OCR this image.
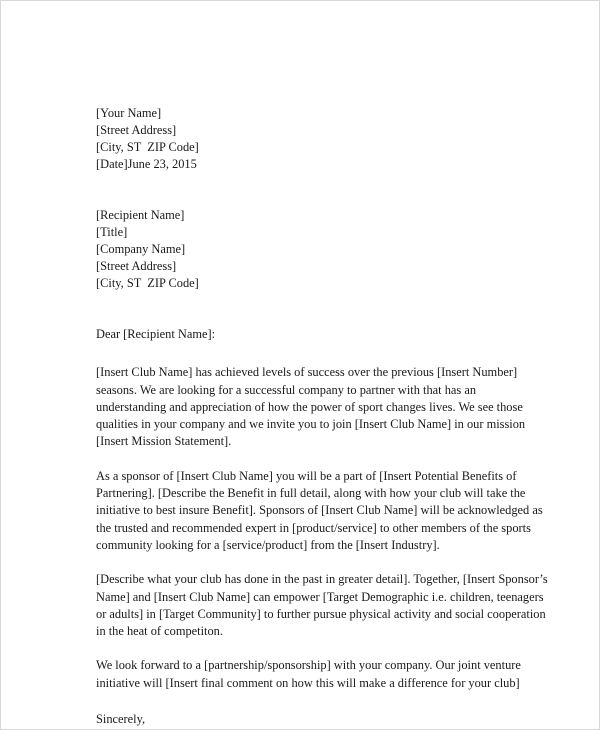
[Your Name]
[Street Address]
[City, ST  ZIP Code]
[Date]June 23, 2015
[Recipient Name]
[Title]
[Company Name]
[Street Address]
[City, ST  ZIP Code]

Dear [Recipient Name]:

[Insert Club Name] has achieved levels of success over the previous [Insert Number] seasons. We are looking for a successful company to partner with that has an understanding and appreciation of how the power of sport changes lives. We see those qualities in your company and we invite you to join [Insert Club Name] in our mission [Insert Mission Statement].

As a sponsor of [Insert Club Name] you will be a part of [Insert Potential Benefits of Partnering]. [Describe the Benefit in full detail, along with how your club will take the initiative to best insure Benefit]. Sponsors of [Insert Club Name] will be acknowledged as the trusted and recommended expert in [product/service] to other members of the sports community looking for a [service/product] from the [Insert Industry].

[Describe what your club has done in the past in greater detail]. Together, [Insert Sponsor’s Name] and [Insert Club Name] can empower [Target Demographic i.e. children, teenagers or adults] in [Target Community] to further pursue physical activity and social cooperation in the heat of competiton.

We look forward to a [partnership/sponsorship] with your company. Our joint venture initiative will [Insert final comment on how this will make a difference for your club]

Sincerely,
